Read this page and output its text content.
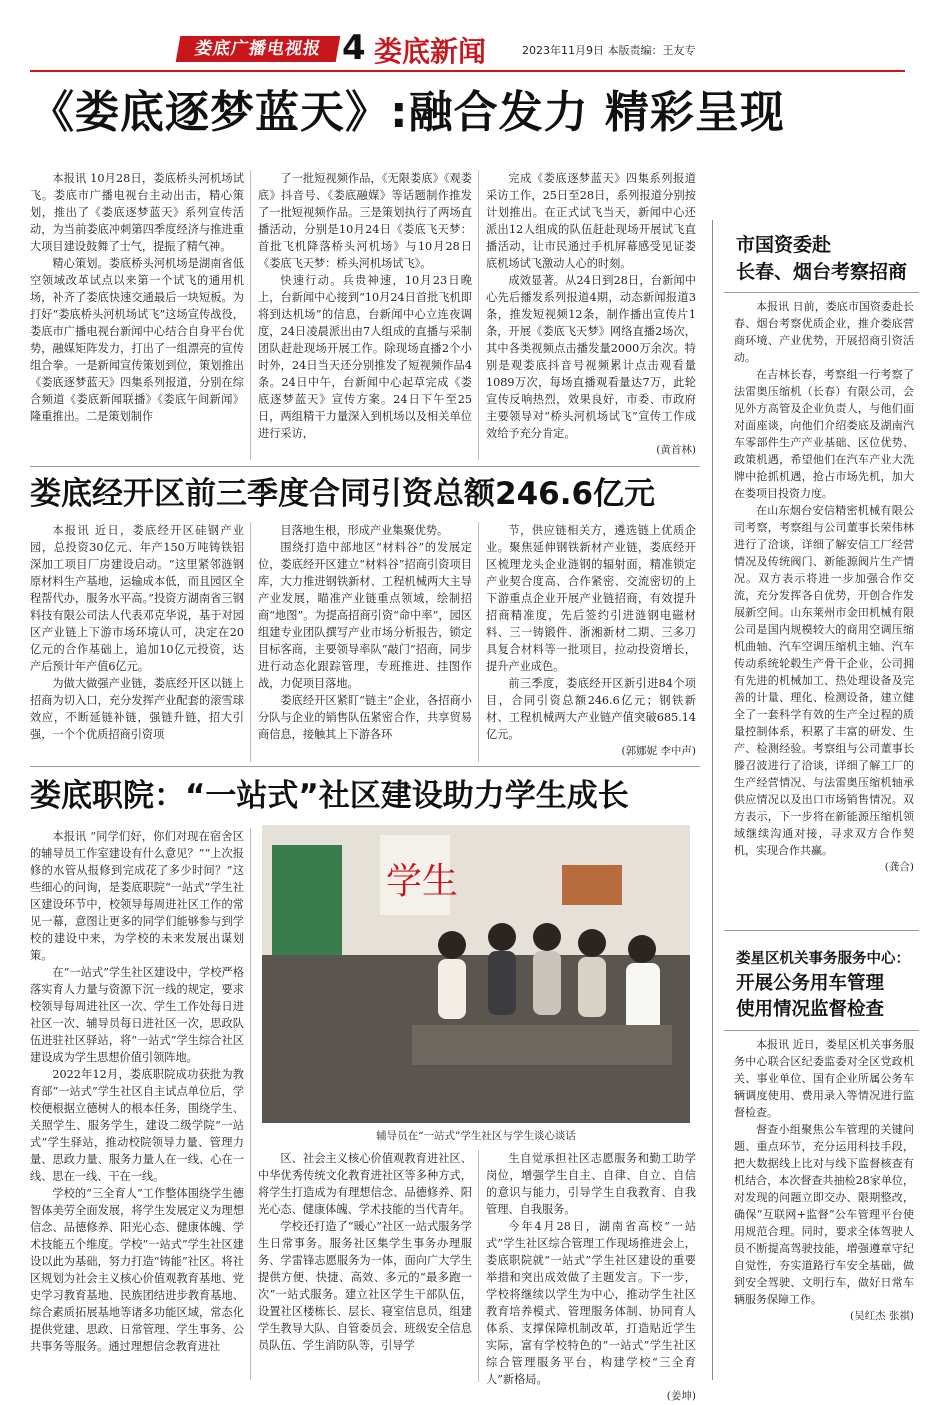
娄底广播电视报 4 娄底新闻	2023年11月9日 本版责编：王友专
《娄底逐梦蓝天》:融合发力 精彩呈现

本报讯 10月28日，娄底桥头河机场试飞。娄底市广播电视台主动出击，精心策划，推出了《娄底逐梦蓝天》系列宣传活动，为当前娄底冲刺第四季度经济与推进重大项目建设鼓舞了士气，提振了精气神。

精心策划。娄底桥头河机场是湖南省低空领域改革试点以来第一个试飞的通用机场，补齐了娄底快速交通最后一块短板。为打好“娄底桥头河机场试飞”这场宣传战役，娄底市广播电视台新闻中心结合自身平台优势，融媒矩阵发力，打出了一组漂亮的宣传组合拳。一是新闻宣传策划到位，策划推出《娄底逐梦蓝天》四集系列报道，分别在综合频道《娄底新闻联播》《娄底午间新闻》隆重推出。二是策划制作

了一批短视频作品，《无限娄底》《观娄底》抖音号、《娄底融媒》等话题制作推发了一批短视频作品。三是策划执行了两场直播活动，分别是10月24日《娄底飞天梦：首批飞机降落桥头河机场》与10月28日《娄底飞天梦：桥头河机场试飞》。

快速行动。兵贵神速，10月23日晚上，台新闻中心接到“10月24日首批飞机即将到达机场”的信息，台新闻中心立连夜调度，24日凌晨派出由7人组成的直播与采制团队赶赴现场开展工作。除现场直播2个小时外，24日当天还分别推发了短视频作品4条。24日中午，台新闻中心起草完成《娄底逐梦蓝天》宣传方案。24日下午至25日，两组精干力量深入到机场以及相关单位进行采访，

完成《娄底逐梦蓝天》四集系列报道采访工作，25日至28日，系列报道分别按计划推出。在正式试飞当天，新闻中心还派出12人组成的队伍赶赴现场开展试飞直播活动，让市民通过手机屏幕感受见证娄底机场试飞激动人心的时刻。

成效显著。从24日到28日，台新闻中心先后播发系列报道4期，动态新闻报道3条，推发短视频12条，制作播出宣传片1条，开展《娄底飞天梦》网络直播2场次，其中各类视频点击播发量2000万余次。特别是观娄底抖音号视频累计点击观看量1089万次，每场直播观看量达7万，此轮宣传反响热烈，效果良好，市委、市政府主要领导对“桥头河机场试飞”宣传工作成效给予充分肯定。

(黄首林)
娄底经开区前三季度合同引资总额246.6亿元

本报讯 近日，娄底经开区硅钢产业园，总投资30亿元、年产150万吨铸铁铝深加工项目厂房建设启动。“这里紧邻涟钢原材料生产基地，运输成本低，而且园区全程帮代办，服务水平高。”投资方湖南省三钢料技有限公司法人代表邓克华说，基于对园区产业链上下游市场环境认可，决定在20亿元的合作基础上，追加10亿元投资，达产后预计年产值6亿元。

为做大做强产业链，娄底经开区以链上招商为切入口，充分发挥产业配套的滚雪球效应，不断延链补链，强链升链，招大引强，一个个优质招商引资项

目落地生根，形成产业集聚优势。

围绕打造中部地区“材料谷”的发展定位，娄底经开区建立“材料谷”招商引资项目库，大力推进钢铁新材、工程机械两大主导产业发展，瞄准产业链重点领域，绘制招商“地图”。为提高招商引资“命中率”，园区组建专业团队撰写产业市场分析报告，锁定目标客商，主要领导率队“敲门”招商，同步进行动态化跟踪管理，专班推进、挂图作战，力促项目落地。

娄底经开区紧盯“链主”企业，各招商小分队与企业的销售队伍紧密合作，共享贸易商信息，接触其上下游各环

节，供应链相关方，遴选链上优质企业。聚焦延伸钢铁新材产业链，娄底经开区梳理龙头企业涟钢的辐射面，精准锁定产业契合度高、合作紧密、交流密切的上下游重点企业开展产业链招商，有效提升招商精准度，先后签约引进涟钢电磁材料、三一铸锻件、浙湘新材二期、三多刀具复合材料等一批项目，拉动投资增长，提升产业成色。

前三季度，娄底经开区新引进84个项目，合同引资总额246.6亿元；钢铁新材、工程机械两大产业链产值突破685.14亿元。

(郭娜妮 李中声)
娄底职院：“一站式”社区建设助力学生成长

本报讯 “同学们好，你们对现在宿舍区的辅导员工作室建设有什么意见？”“上次报修的水管从报修到完成花了多少时间？”这些细心的问询，是娄底职院“一站式”学生社区建设环节中，校领导每周进社区工作的常见一幕，意图让更多的同学们能够参与到学校的建设中来，为学校的未来发展出谋划策。

在“一站式”学生社区建设中，学校严格落实育人力量与资源下沉一线的规定，要求校领导每周进社区一次、学生工作处每日进社区一次、辅导员每日进社区一次，思政队伍进驻社区驿站，将“一站式”学生综合社区建设成为学生思想价值引领阵地。

2022年12月，娄底职院成功获批为教育部“一站式”学生社区自主试点单位后，学校便根据立德树人的根本任务，围绕学生、关照学生、服务学生，建设二级学院“一站式”学生驿站，推动校院领导力量、管理力量、思政力量、服务力量人在一线、心在一线、思在一线、干在一线。

学校的“三全育人”工作整体围绕学生德智体美劳全面发展，将学生发展定义为理想信念、品德修养、阳光心态、健康体魄、学术技能五个维度。学校“一站式”学生社区建设以此为基础，努力打造“铸能”社区。将社区规划为社会主义核心价值观教育基地、党史学习教育基地、民族团结进步教育基地、综合素质拓展基地等诸多功能区域，常态化提供党建、思政、日常管理、学生事务、公共事务等服务。通过理想信念教育进社

学生
辅导员在“一站式”学生社区与学生谈心谈话

区、社会主义核心价值观教育进社区、中华优秀传统文化教育进社区等多种方式，将学生打造成为有理想信念、品德修养、阳光心态、健康体魄、学术技能的当代青年。

学校还打造了“暖心”社区一站式服务学生日常事务。服务社区集学生事务办理服务、学雷锋志愿服务为一体，面向广大学生提供方便、快捷、高效、多元的“最多跑一次”一站式服务。建立社区学生干部队伍，设置社区楼栋长、层长、寝室信息员，组建学生教导大队、自管委员会、班级安全信息员队伍、学生消防队等，引导学

生自觉承担社区志愿服务和勤工助学岗位，增强学生自主、自律、自立、自信的意识与能力，引导学生自我教育、自我管理、自我服务。

今年4月28日，湖南省高校“一站式”学生社区综合管理工作现场推进会上，娄底职院就“一站式”学生社区建设的重要举措和突出成效做了主题发言。下一步，学校将继续以学生为中心，推动学生社区教育培养模式、管理服务体制、协同育人体系、支撑保障机制改革，打造贴近学生实际，富有学校特色的“一站式”学生社区综合管理服务平台，构建学校“三全育人”新格局。

(姜坤)
市国资委赴
长春、烟台考察招商

本报讯 日前，娄底市国资委赴长春、烟台考察优质企业，推介娄底营商环境、产业优势，开展招商引资活动。

在吉林长春，考察组一行考察了法雷奥压缩机（长春）有限公司，会见外方高管及企业负责人，与他们面对面座谈，向他们介绍娄底及湖南汽车零部件生产产业基础、区位优势、政策机遇，希望他们在汽车产业大洗牌中抢抓机遇，抢占市场先机，加大在娄项目投资力度。

在山东烟台安信精密机械有限公司考察，考察组与公司董事长荣伟林进行了洽谈，详细了解安信工厂经营情况及传统阀门、新能源阀片生产情况。双方表示将进一步加强合作交流，充分发挥各自优势，开创合作发展新空间。山东莱州市金田机械有限公司是国内规模较大的商用空调压缩机曲轴、汽车空调压缩机主轴、汽车传动系统轮毂生产骨干企业，公司拥有先进的机械加工、热处理设备及完善的计量、理化、检测设备，建立健全了一套科学有效的生产全过程的质量控制体系，积累了丰富的研发、生产、检测经验。考察组与公司董事长滕召波进行了洽谈，详细了解工厂的生产经营情况、与法雷奥压缩机轴承供应情况以及出口市场销售情况。双方表示，下一步将在新能源压缩机领域继续沟通对接，寻求双方合作契机，实现合作共赢。

(龚合)
娄星区机关事务服务中心：
开展公务用车管理
使用情况监督检查

本报讯 近日，娄星区机关事务服务中心联合区纪委监委对全区党政机关、事业单位、国有企业所属公务车辆调度使用、费用录入等情况进行监督检查。

督查小组聚焦公车管理的关键问题、重点环节，充分运用科技手段，把大数据线上比对与线下监督核查有机结合，本次督查共抽检28家单位，对发现的问题立即交办、限期整改，确保“互联网+监督”公车管理平台使用规范合理。同时，要求全体驾驶人员不断提高驾驶技能，增强遵章守纪自觉性，夯实道路行车安全基础，做到安全驾驶、文明行车，做好日常车辆服务保障工作。

(吴红杰 张祺)
